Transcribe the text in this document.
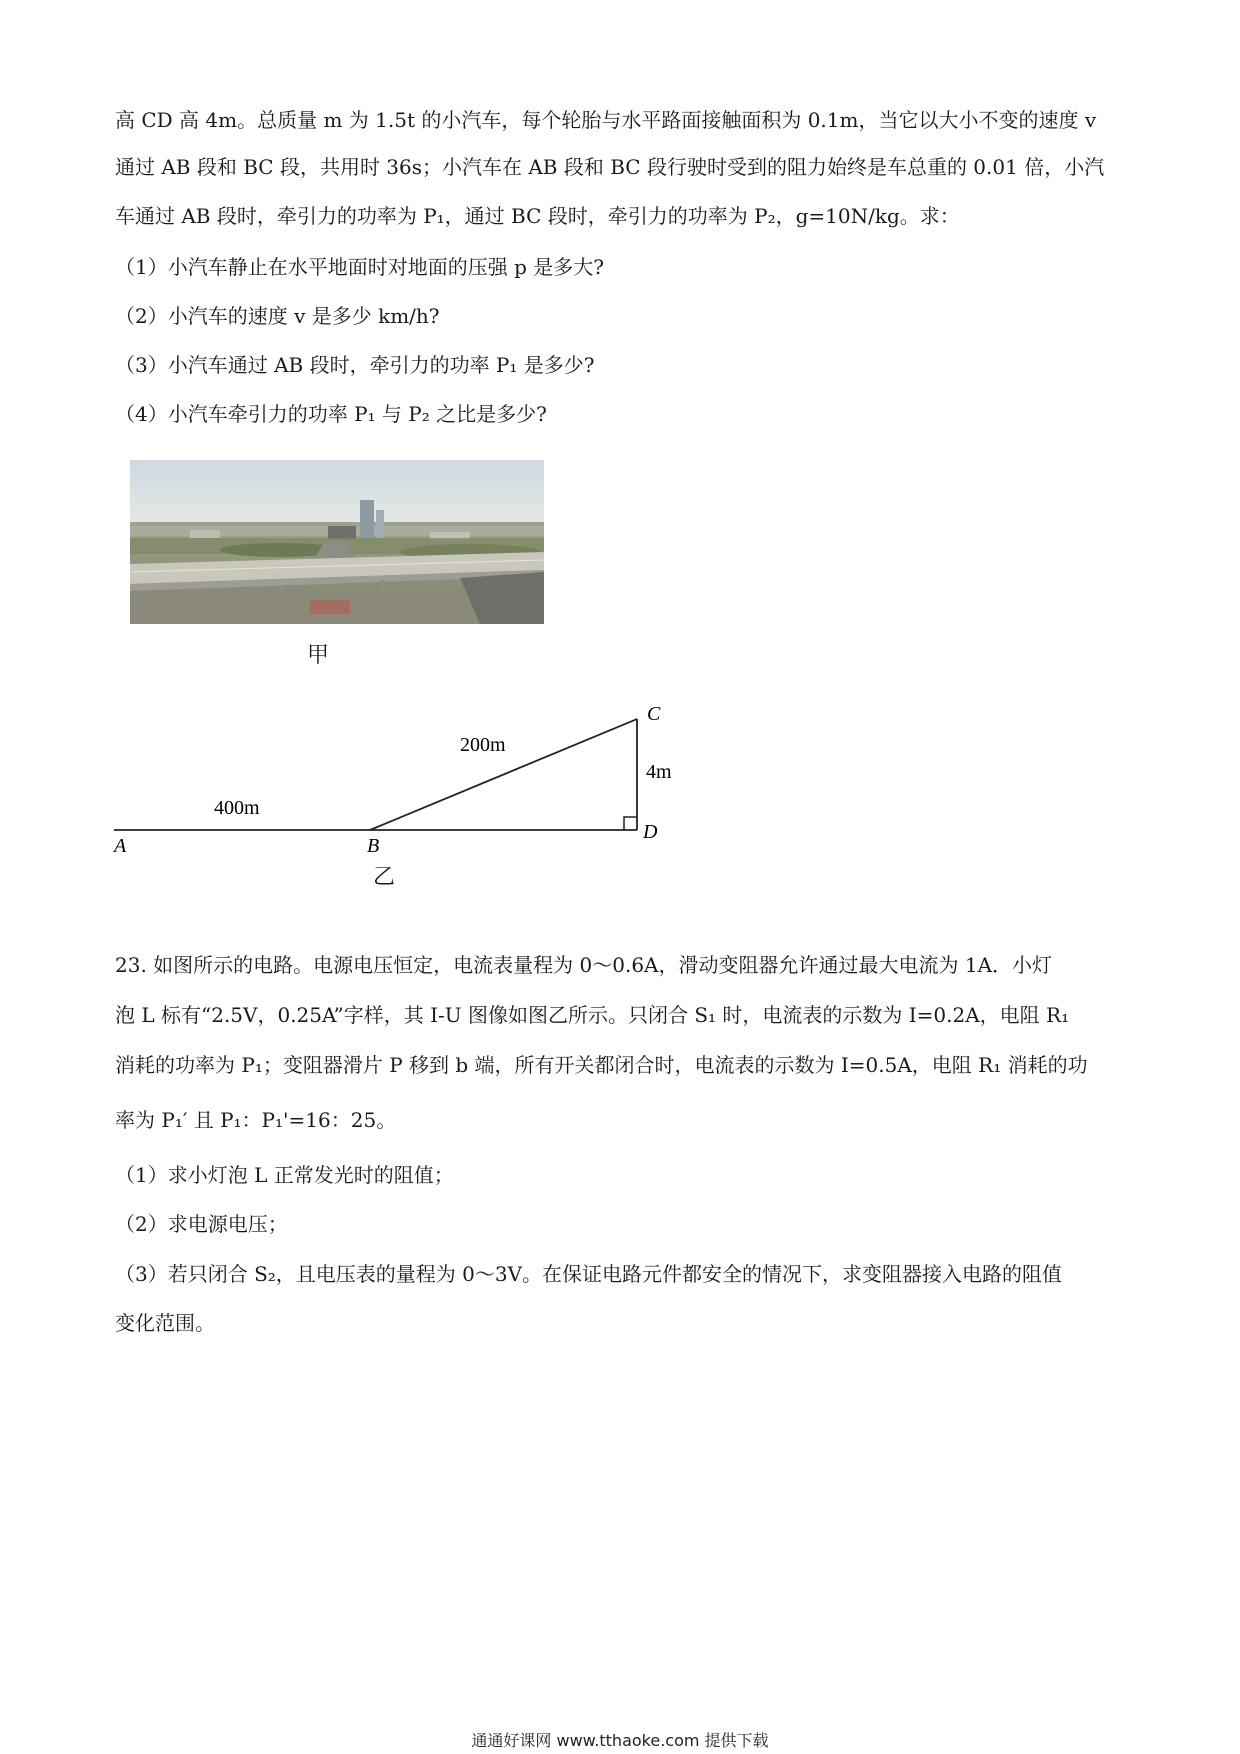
高 CD 高 4m。总质量 m 为 1.5t 的小汽车，每个轮胎与水平路面接触面积为 0.1m，当它以大小不变的速度 v
通过 AB 段和 BC 段，共用时 36s；小汽车在 AB 段和 BC 段行驶时受到的阻力始终是车总重的 0.01 倍，小汽
车通过 AB 段时，牵引力的功率为 P₁，通过 BC 段时，牵引力的功率为 P₂，g=10N/kg。求：
（1）小汽车静止在水平地面时对地面的压强 p 是多大?
（2）小汽车的速度 v 是多少 km/h?
（3）小汽车通过 AB 段时，牵引力的功率 P₁ 是多少?
（4）小汽车牵引力的功率 P₁ 与 P₂ 之比是多少?
甲
A	B
C
D
400m
200m
4m
乙
23. 如图所示的电路。电源电压恒定，电流表量程为 0～0.6A，滑动变阻器允许通过最大电流为 1A．小灯
泡 L 标有“2.5V，0.25A”字样，其 I-U 图像如图乙所示。只闭合 S₁ 时，电流表的示数为 I=0.2A，电阻 R₁
消耗的功率为 P₁；变阻器滑片 P 移到 b 端，所有开关都闭合时，电流表的示数为 I=0.5A，电阻 R₁ 消耗的功
率为 P₁′ 且 P₁：P₁'=16：25。
（1）求小灯泡 L 正常发光时的阻值；
（2）求电源电压；
（3）若只闭合 S₂，且电压表的量程为 0～3V。在保证电路元件都安全的情况下，求变阻器接入电路的阻值
变化范围。
通通好课网 www.tthaoke.com 提供下载
